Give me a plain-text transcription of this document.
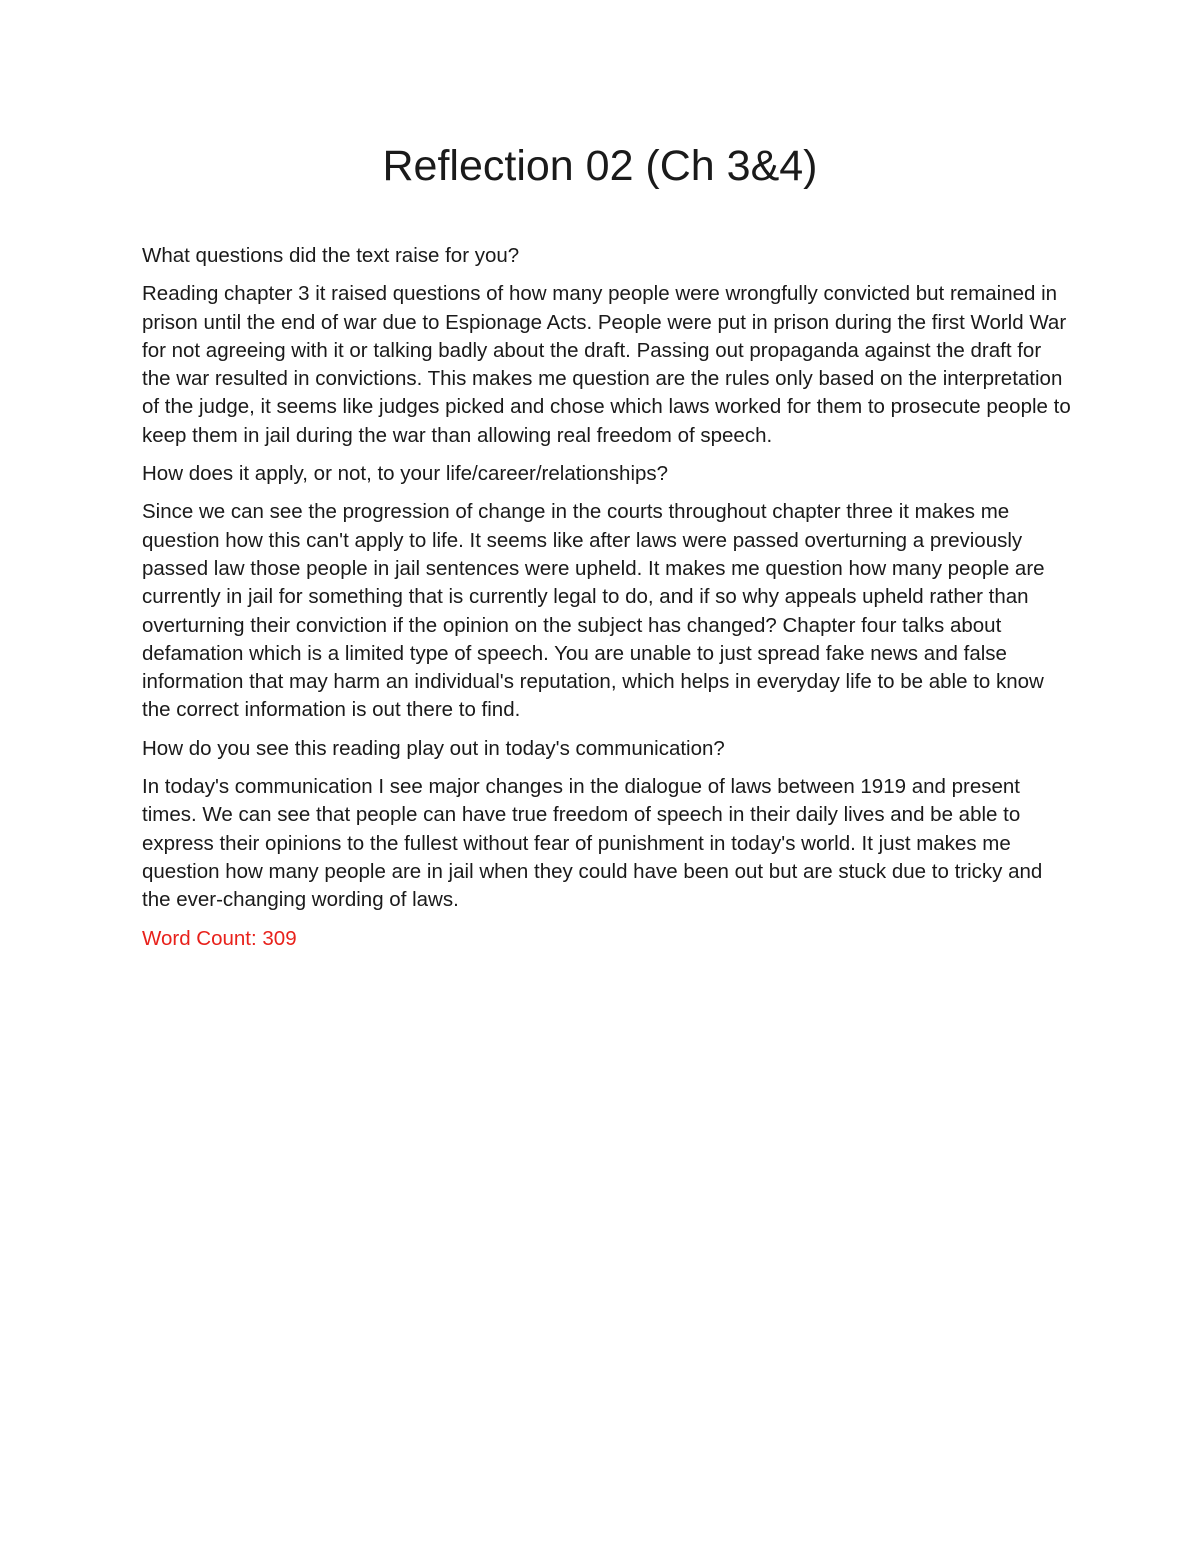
Reflection 02 (Ch 3&4)

What questions did the text raise for you?

Reading chapter 3 it raised questions of how many people were wrongfully convicted but remained in prison until the end of war due to Espionage Acts. People were put in prison during the first World War for not agreeing with it or talking badly about the draft. Passing out propaganda against the draft for the war resulted in convictions. This makes me question are the rules only based on the interpretation of the judge, it seems like judges picked and chose which laws worked for them to prosecute people to keep them in jail during the war than allowing real freedom of speech.

How does it apply, or not, to your life/career/relationships?

Since we can see the progression of change in the courts throughout chapter three it makes me question how this can't apply to life. It seems like after laws were passed overturning a previously passed law those people in jail sentences were upheld. It makes me question how many people are currently in jail for something that is currently legal to do, and if so why appeals upheld rather than overturning their conviction if the opinion on the subject has changed? Chapter four talks about defamation which is a limited type of speech. You are unable to just spread fake news and false information that may harm an individual's reputation, which helps in everyday life to be able to know the correct information is out there to find.

How do you see this reading play out in today's communication?

In today's communication I see major changes in the dialogue of laws between 1919 and present times. We can see that people can have true freedom of speech in their daily lives and be able to express their opinions to the fullest without fear of punishment in today's world. It just makes me question how many people are in jail when they could have been out but are stuck due to tricky and the ever-changing wording of laws.

Word Count: 309
